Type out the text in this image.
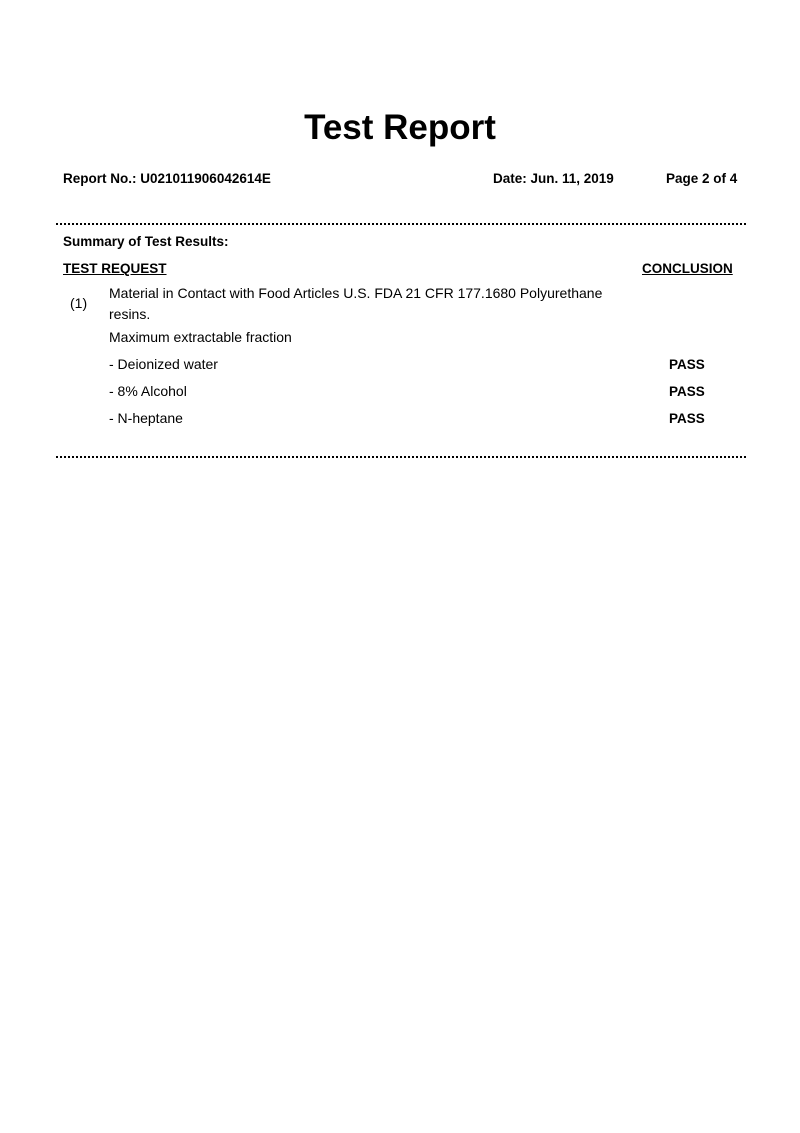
Test Report
Report No.: U021011906042614E	Date: Jun. 11, 2019	Page 2 of 4
Summary of Test Results:
TEST REQUEST	CONCLUSION
(1)
Material in Contact with Food Articles U.S. FDA 21 CFR 177.1680 Polyurethane resins.
Maximum extractable fraction
- Deionized water	PASS
- 8% Alcohol	PASS
- N-heptane	PASS
